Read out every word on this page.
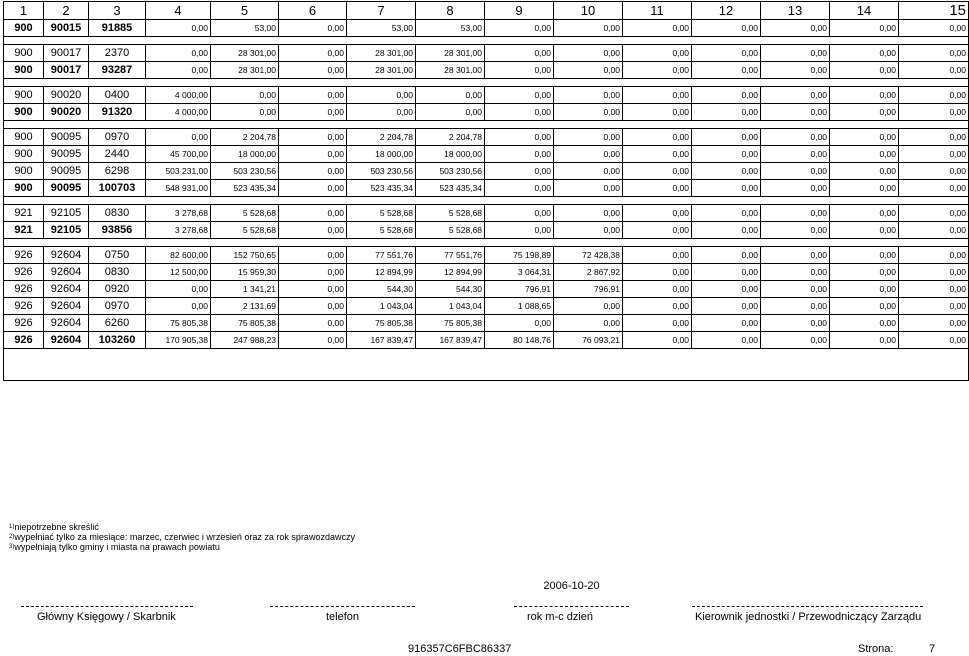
1	2	3	4	5	6	7	8	9	10	11	12	13	14	15
900	90015	91885	0,00	53,00	0,00	53,00	53,00	0,00	0,00	0,00	0,00	0,00	0,00	0,00

900	90017	2370	0,00	28 301,00	0,00	28 301,00	28 301,00	0,00	0,00	0,00	0,00	0,00	0,00	0,00
900	90017	93287	0,00	28 301,00	0,00	28 301,00	28 301,00	0,00	0,00	0,00	0,00	0,00	0,00	0,00

900	90020	0400	4 000,00	0,00	0,00	0,00	0,00	0,00	0,00	0,00	0,00	0,00	0,00	0,00
900	90020	91320	4 000,00	0,00	0,00	0,00	0,00	0,00	0,00	0,00	0,00	0,00	0,00	0,00

900	90095	0970	0,00	2 204,78	0,00	2 204,78	2 204,78	0,00	0,00	0,00	0,00	0,00	0,00	0,00
900	90095	2440	45 700,00	18 000,00	0,00	18 000,00	18 000,00	0,00	0,00	0,00	0,00	0,00	0,00	0,00
900	90095	6298	503 231,00	503 230,56	0,00	503 230,56	503 230,56	0,00	0,00	0,00	0,00	0,00	0,00	0,00
900	90095	100703	548 931,00	523 435,34	0,00	523 435,34	523 435,34	0,00	0,00	0,00	0,00	0,00	0,00	0,00

921	92105	0830	3 278,68	5 528,68	0,00	5 528,68	5 528,68	0,00	0,00	0,00	0,00	0,00	0,00	0,00
921	92105	93856	3 278,68	5 528,68	0,00	5 528,68	5 528,68	0,00	0,00	0,00	0,00	0,00	0,00	0,00

926	92604	0750	82 600,00	152 750,65	0,00	77 551,76	77 551,76	75 198,89	72 428,38	0,00	0,00	0,00	0,00	0,00
926	92604	0830	12 500,00	15 959,30	0,00	12 894,99	12 894,99	3 064,31	2 867,92	0,00	0,00	0,00	0,00	0,00
926	92604	0920	0,00	1 341,21	0,00	544,30	544,30	796,91	796,91	0,00	0,00	0,00	0,00	0,00
926	92604	0970	0,00	2 131,69	0,00	1 043,04	1 043,04	1 088,65	0,00	0,00	0,00	0,00	0,00	0,00
926	92604	6260	75 805,38	75 805,38	0,00	75 805,38	75 805,38	0,00	0,00	0,00	0,00	0,00	0,00	0,00
926	92604	103260	170 905,38	247 988,23	0,00	167 839,47	167 839,47	80 148,76	76 093,21	0,00	0,00	0,00	0,00	0,00

$^{1)}$niepotrzebne skreślić
$^{2)}$wypełniać tylko za miesiące: marzec, czerwiec i wrzesień oraz za rok sprawozdawczy
$^{3)}$wypełniają tylko gminy i miasta na prawach powiatu
2006-10-20
Główny Księgowy / Skarbnik	telefon	rok m-c dzień	Kierownik jednostki / Przewodniczący Zarządu
916357C6FBC86337	Strona:	7
